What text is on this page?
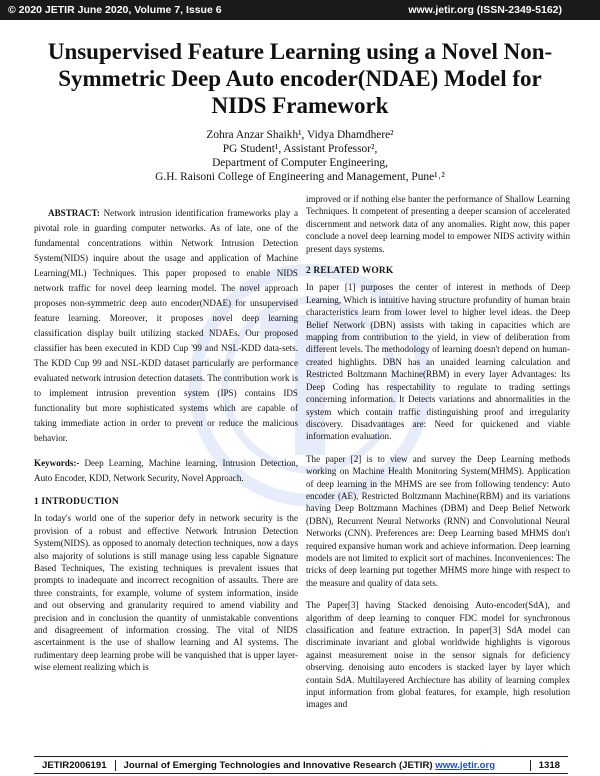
© 2020 JETIR June 2020, Volume 7, Issue 6	www.jetir.org (ISSN-2349-5162)
Unsupervised Feature Learning using a Novel Non-
Symmetric Deep Auto encoder(NDAE) Model for
NIDS Framework
Zohra Anzar Shaikh¹, Vidya Dhamdhere²
PG Student¹, Assistant Professor²,
Department of Computer Engineering,
G.H. Raisoni College of Engineering and Management, Pune¹˒²

ABSTRACT: Network intrusion identification frameworks play a pivotal role in guarding computer networks. As of late, one of the fundamental concentrations within Network Intrusion Detection System(NIDS) inquire about the usage and application of Machine Learning(ML) Techniques. This paper proposed to enable NIDS network traffic for novel deep learning model. The novel approach proposes non-symmetric deep auto encoder(NDAE) for unsupervised feature learning. Moreover, it proposes novel deep learning classification display built utilizing stacked NDAEs. Our proposed classifier has been executed in KDD Cup '99 and NSL-KDD data-sets. The KDD Cup 99 and NSL-KDD dataset particularly are performance evaluated network intrusion detection datasets. The contribution work is to implement intrusion prevention system (IPS) contains IDS functionality but more sophisticated systems which are capable of taking immediate action in order to prevent or reduce the malicious behavior.

Keywords:- Deep Learning, Machine learning, Intrusion Detection, Auto Encoder, KDD, Network Security, Novel Approach.

1 INTRODUCTION

In today's world one of the superior defy in network security is the provision of a robust and effective Network Intrusion Detection System(NIDS). as opposed to anomaly detection techniques, now a days also majority of solutions is still manage using less capable Signature Based Techniques, The existing techniques is prevalent issues that prompts to inadequate and incorrect recognition of assaults. There are three constraints, for example, volume of system information, inside and out observing and granularity required to amend viability and precision and in conclusion the quantity of unmistakable conventions and disagreement of information crossing. The vital of NIDS ascertainment is the use of shallow learning and AI systems. The rudimentary deep learning probe will be vanquished that is upper layer-wise element realizing which is

improved or if nothing else banter the performance of Shallow Learning Techniques. It competent of presenting a deeper scansion of accelerated discernment and network data of any anomalies. Right now, this paper conclude a novel deep learning model to empower NIDS activity within present days systems.

2 RELATED WORK

In paper [1] purposes the center of interest in methods of Deep Learning, Which is intuitive having structure profundity of human brain characteristics learn from lower level to higher level ideas. the Deep Belief Network (DBN) assists with taking in capacities which are mapping from contribution to the yield, in view of deliberation from different levels. The methodology of learning doesn't depend on human-created highlights. DBN has an unaided learning calculation and Restricted Boltzmann Machine(RBM) in every layer Advantages: Its Deep Coding has respectability to regulate to trading settings concerning information. It Detects variations and abnormalities in the system which contain traffic distinguishing proof and irregularity discovery. Disadvantages are: Need for quickened and viable information evaluation.

The paper [2] is to view and survey the Deep Learning methods working on Machine Health Monitoring System(MHMS). Application of deep learning in the MHMS are see from following tendency: Auto encoder (AE), Restricted Boltzmann Machine(RBM) and its variations having Deep Boltzmann Machines (DBM) and Deep Belief Network (DBN), Recurrent Neural Networks (RNN) and Convolutional Neural Networks (CNN). Preferences are: Deep Learning based MHMS don't required expansive human work and achieve information. Deep learning models are not limited to explicit sort of machines. Inconveniences: The tricks of deep learning put together MHMS more hinge with respect to the measure and quality of data sets.

The Paper[3] having Stacked denoising Auto-encoder(SdA), and algorithm of deep learning to conquer FDC model for synchronous classification and feature extraction. In paper[3] SdA model can discriminate invariant and global worldwide highlights is vigorous against measurement noise in the sensor signals for deficiency observing. denoising auto encoders is stacked layer by layer which contain SdA. Multilayered Archiecture has ability of learning complex input information from global features, for example, high resolution images and

JETIR2006191	Journal of Emerging Technologies and Innovative Research (JETIR) www.jetir.org	1318
